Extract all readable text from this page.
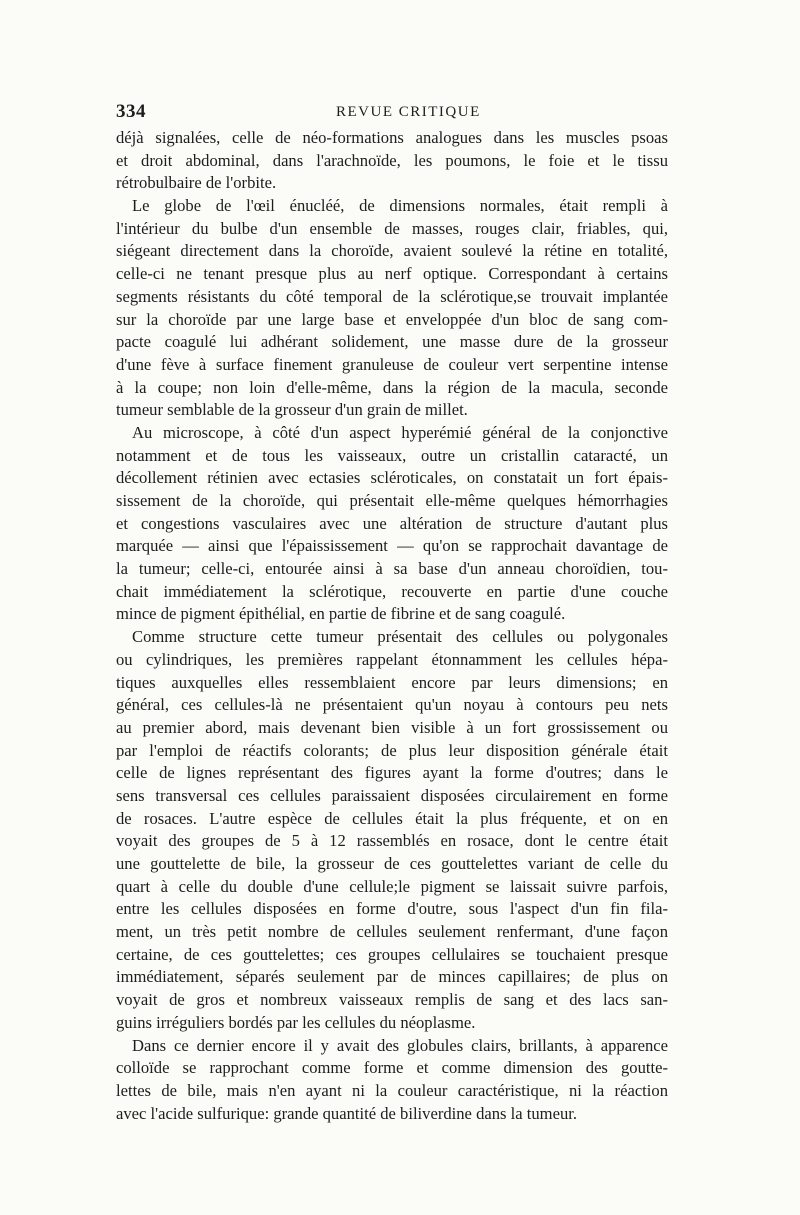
334	REVUE CRITIQUE
déjà signalées, celle de néo-formations analogues dans les muscles psoas
et droit abdominal, dans l'arachnoïde, les poumons, le foie et le tissu
rétrobulbaire de l'orbite.
Le globe de l'œil énucléé, de dimensions normales, était rempli à
l'intérieur du bulbe d'un ensemble de masses, rouges clair, friables, qui,
siégeant directement dans la choroïde, avaient soulevé la rétine en totalité,
celle-ci ne tenant presque plus au nerf optique. Correspondant à certains
segments résistants du côté temporal de la sclérotique,se trouvait implantée
sur la choroïde par une large base et enveloppée d'un bloc de sang com-
pacte coagulé lui adhérant solidement, une masse dure de la grosseur
d'une fève à surface finement granuleuse de couleur vert serpentine intense
à la coupe; non loin d'elle-même, dans la région de la macula, seconde
tumeur semblable de la grosseur d'un grain de millet.
Au microscope, à côté d'un aspect hyperémié général de la conjonctive
notamment et de tous les vaisseaux, outre un cristallin cataracté, un
décollement rétinien avec ectasies scléroticales, on constatait un fort épais-
sissement de la choroïde, qui présentait elle-même quelques hémorrhagies
et congestions vasculaires avec une altération de structure d'autant plus
marquée — ainsi que l'épaississement — qu'on se rapprochait davantage de
la tumeur; celle-ci, entourée ainsi à sa base d'un anneau choroïdien, tou-
chait immédiatement la sclérotique, recouverte en partie d'une couche
mince de pigment épithélial, en partie de fibrine et de sang coagulé.
Comme structure cette tumeur présentait des cellules ou polygonales
ou cylindriques, les premières rappelant étonnamment les cellules hépa-
tiques auxquelles elles ressemblaient encore par leurs dimensions; en
général, ces cellules-là ne présentaient qu'un noyau à contours peu nets
au premier abord, mais devenant bien visible à un fort grossissement ou
par l'emploi de réactifs colorants; de plus leur disposition générale était
celle de lignes représentant des figures ayant la forme d'outres; dans le
sens transversal ces cellules paraissaient disposées circulairement en forme
de rosaces. L'autre espèce de cellules était la plus fréquente, et on en
voyait des groupes de 5 à 12 rassemblés en rosace, dont le centre était
une gouttelette de bile, la grosseur de ces gouttelettes variant de celle du
quart à celle du double d'une cellule;le pigment se laissait suivre parfois,
entre les cellules disposées en forme d'outre, sous l'aspect d'un fin fila-
ment, un très petit nombre de cellules seulement renfermant, d'une façon
certaine, de ces gouttelettes; ces groupes cellulaires se touchaient presque
immédiatement, séparés seulement par de minces capillaires; de plus on
voyait de gros et nombreux vaisseaux remplis de sang et des lacs san-
guins irréguliers bordés par les cellules du néoplasme.
Dans ce dernier encore il y avait des globules clairs, brillants, à apparence
colloïde se rapprochant comme forme et comme dimension des goutte-
lettes de bile, mais n'en ayant ni la couleur caractéristique, ni la réaction
avec l'acide sulfurique: grande quantité de biliverdine dans la tumeur.
